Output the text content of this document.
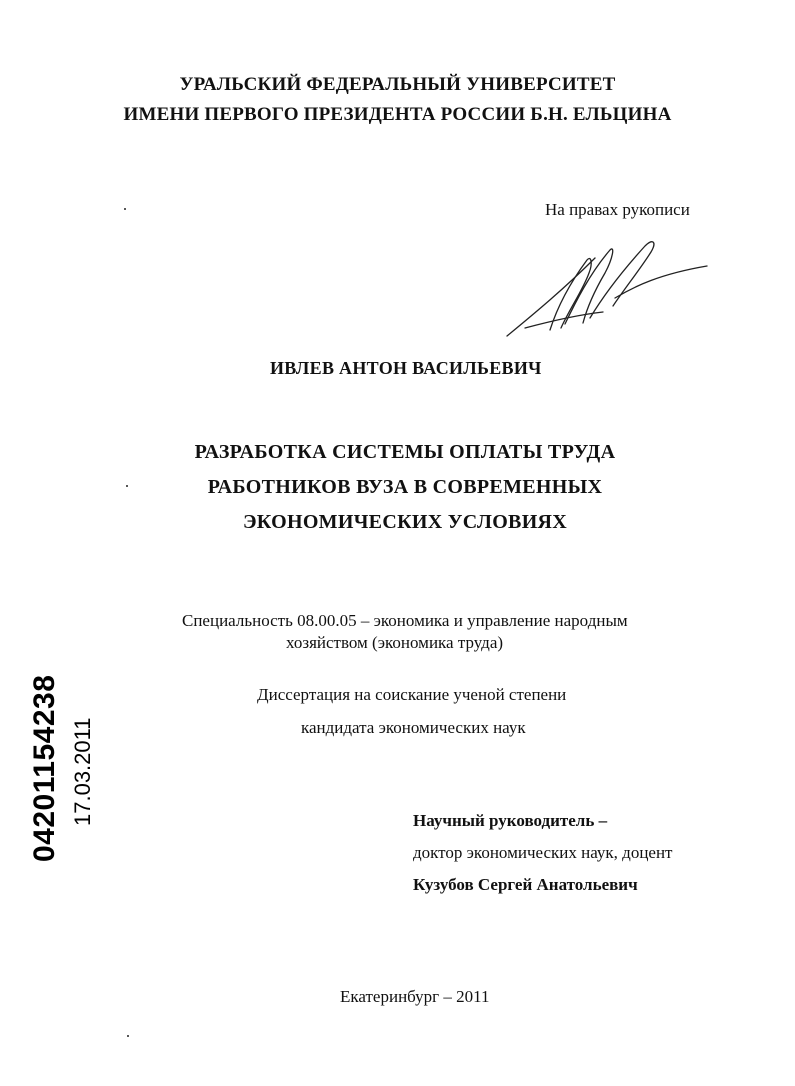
УРАЛЬСКИЙ ФЕДЕРАЛЬНЫЙ УНИВЕРСИТЕТ
ИМЕНИ ПЕРВОГО ПРЕЗИДЕНТА РОССИИ Б.Н. ЕЛЬЦИНА
На правах рукописи
ИВЛЕВ АНТОН ВАСИЛЬЕВИЧ
РАЗРАБОТКА СИСТЕМЫ ОПЛАТЫ ТРУДА
РАБОТНИКОВ ВУЗА В СОВРЕМЕННЫХ
ЭКОНОМИЧЕСКИХ УСЛОВИЯХ
Специальность 08.00.05 – экономика и управление народным
хозяйством (экономика труда)
Диссертация на соискание ученой степени
кандидата экономических наук
Научный руководитель –
доктор экономических наук, доцент
Кузубов Сергей Анатольевич
Екатеринбург – 2011
04201154238 17.03.2011
